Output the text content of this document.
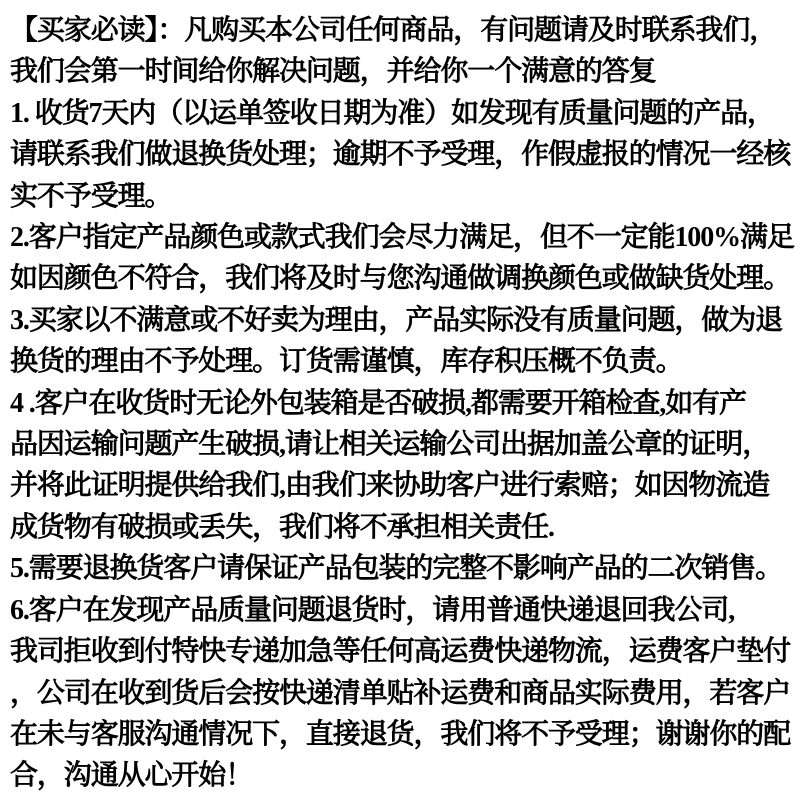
【买家必读】：凡购买本公司任何商品，有问题请及时联系我们，

我们会第一时间给你解决问题，并给你一个满意的答复

1. 收货7天内（以运单签收日期为准）如发现有质量问题的产品，

请联系我们做退换货处理；逾期不予受理，作假虚报的情况一经核

实不予受理。

2.客户指定产品颜色或款式我们会尽力满足，但不一定能100%满足

如因颜色不符合，我们将及时与您沟通做调换颜色或做缺货处理。

3.买家以不满意或不好卖为理由，产品实际没有质量问题，做为退

换货的理由不予处理。订货需谨慎，库存积压概不负责。

4 .客户在收货时无论外包装箱是否破损,都需要开箱检查,如有产

品因运输问题产生破损,请让相关运输公司出据加盖公章的证明，

并将此证明提供给我们,由我们来协助客户进行索赔；如因物流造

成货物有破损或丢失，我们将不承担相关责任.

5.需要退换货客户请保证产品包装的完整不影响产品的二次销售。

6.客户在发现产品质量问题退货时，请用普通快递退回我公司,

我司拒收到付特快专递加急等任何高运费快递物流，运费客户垫付

，公司在收到货后会按快递清单贴补运费和商品实际费用，若客户

在未与客服沟通情况下，直接退货，我们将不予受理；谢谢你的配

合，沟通从心开始！
